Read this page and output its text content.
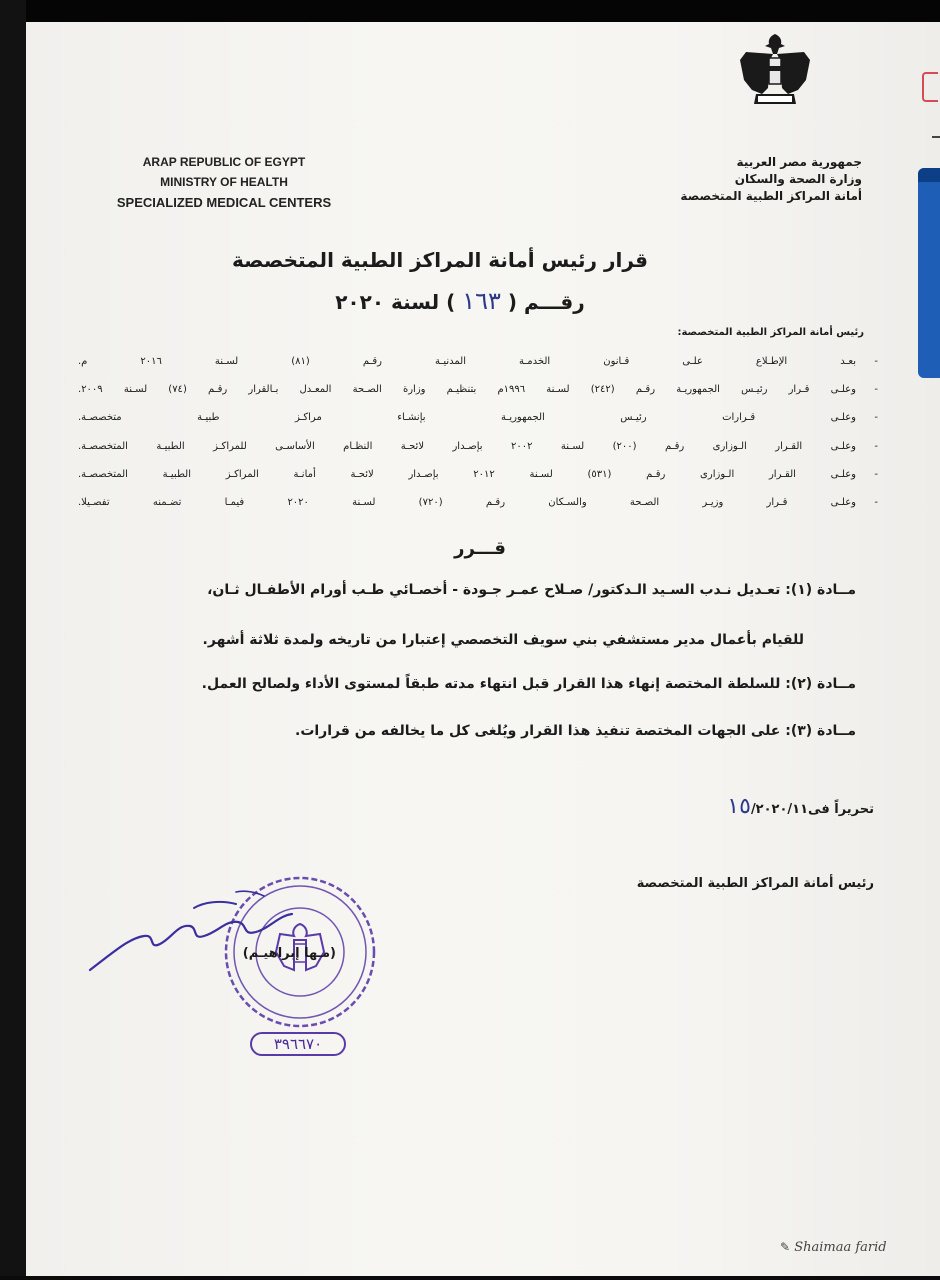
ARAP REPUBLIC OF EGYPT
MINISTRY OF HEALTH
SPECIALIZED MEDICAL CENTERS
جمهورية مصر العربية
وزارة الصحة والسكان
أمانة المراكز الطبية المتخصصة
قرار رئيس أمانة المراكز الطبية المتخصصة
رقـــم ( ١٦٣ ) لسنة ٢٠٢٠
رئيس أمانة المراكز الطبية المتخصصة:
-
بعـد الإطـلاع علـى قـانون الخدمـة المدنيـة رقـم (٨١) لسـنة ٢٠١٦ م.
-
وعلـى قـرار رئيـس الجمهوريـة رقـم (٢٤٢) لسـنة ١٩٩٦م بتنظيـم وزارة الصـحة المعـدل بـالقرار رقـم (٧٤) لسـنة ٢٠٠٩.
-
وعلـى قـرارات رئيـس الجمهوريـة بإنشـاء مراكـز طبيـة متخصصـة.
-
وعلـى القـرار الـوزارى رقـم (٢٠٠) لسـنة ٢٠٠٢ بإصـدار لائحـة النظـام الأساسـى للمراكـز الطبيـة المتخصصـة.
-
وعلـى القـرار الـوزارى رقـم (٥٣١) لسـنة ٢٠١٢ بإصـدار لائحـة أمانـة المراكـز الطبيـة المتخصصـة.
-
وعلـى قـرار وزيـر الصـحة والسـكان رقـم (٧٢٠) لسـنة ٢٠٢٠ فيمـا تضـمنه تفصـيلا.
قـــرر
مــادة (١): تعـديل نـدب السـيد الـدكتور/ صـلاح عمـر جـودة - أخصـائي طـب أورام الأطفـال ثـان،
للقيام بأعمال مدير مستشفي بني سويف التخصصي إعتبارا من تاريخه ولمدة ثلاثة أشهر.
مــادة (٢): للسلطة المختصة إنهاء هذا القرار قبل انتهاء مدته طبقاً لمستوى الأداء ولصالح العمل.
مــادة (٣): على الجهات المختصة تنفيذ هذا القرار ويُلغى كل ما يخالفه من قرارات.
تحريراً فى١٥/٢٠٢٠/١١
رئيس أمانة المراكز الطبية المتخصصة
(مـها إبراهيـم)
٣٩٦٦٧٠
✎ Shaimaa farid
